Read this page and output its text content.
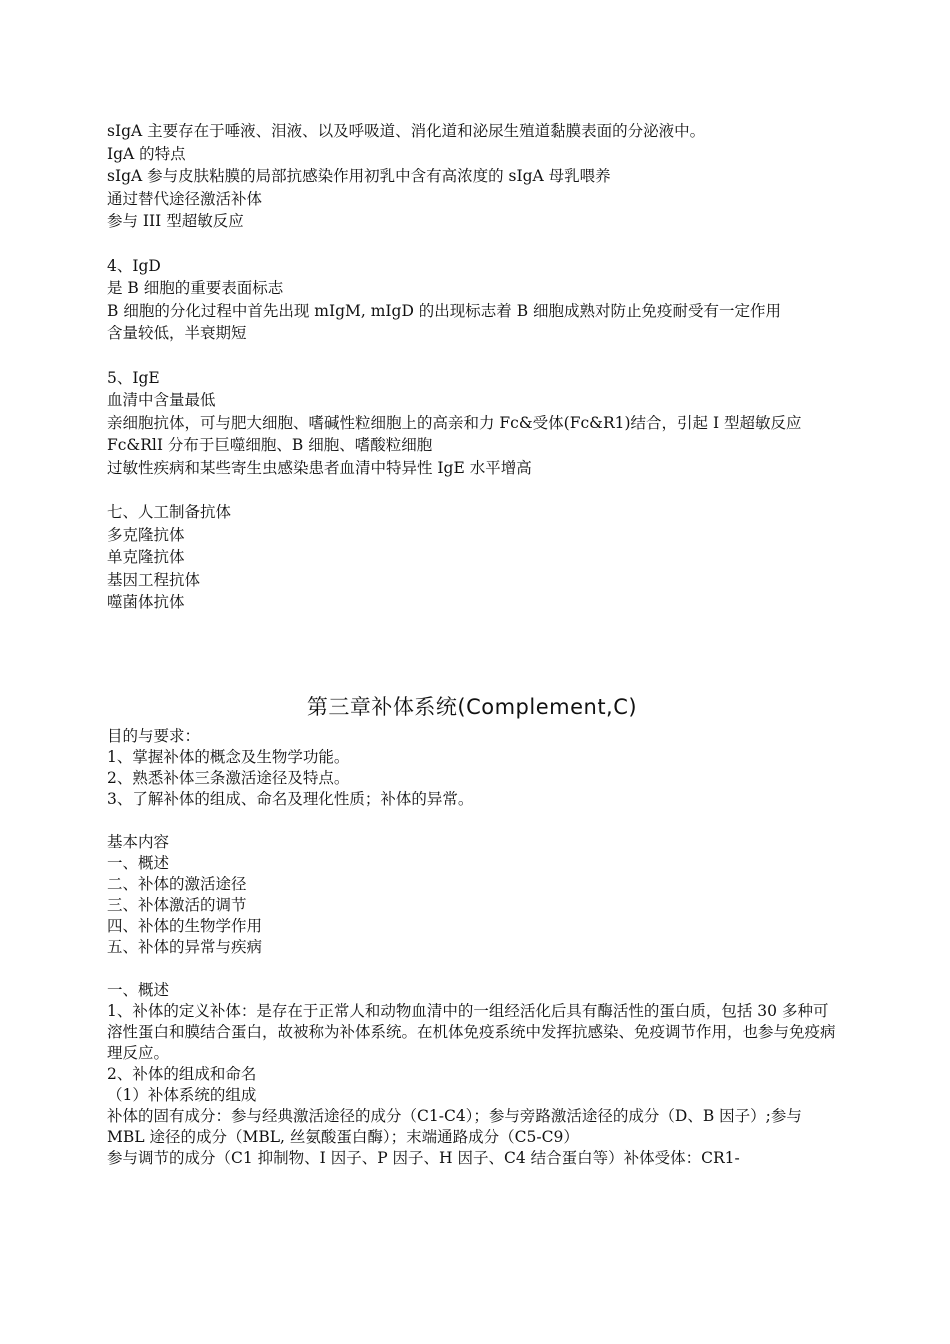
sIgA 主要存在于唾液、泪液、以及呼吸道、消化道和泌尿生殖道黏膜表面的分泌液中。
IgA 的特点
sIgA 参与皮肤粘膜的局部抗感染作用初乳中含有高浓度的 sIgA 母乳喂养
通过替代途径激活补体
参与 III 型超敏反应
4、IgD
是 B 细胞的重要表面标志
B 细胞的分化过程中首先出现 mIgM, mIgD 的出现标志着 B 细胞成熟对防止免疫耐受有一定作用
含量较低，半衰期短
5、IgE
血清中含量最低
亲细胞抗体，可与肥大细胞、嗜碱性粒细胞上的高亲和力 Fc&受体(Fc&R1)结合，引起 I 型超敏反应
Fc&RlI 分布于巨噬细胞、B 细胞、嗜酸粒细胞
过敏性疾病和某些寄生虫感染患者血清中特异性 IgE 水平增高
七、人工制备抗体
多克隆抗体
单克隆抗体
基因工程抗体
噬菌体抗体
第三章补体系统(Complement,C)
目的与要求：
1、掌握补体的概念及生物学功能。
2、熟悉补体三条激活途径及特点。
3、了解补体的组成、命名及理化性质；补体的异常。
基本内容
一、概述
二、补体的激活途径
三、补体激活的调节
四、补体的生物学作用
五、补体的异常与疾病
一、概述
1、补体的定义补体：是存在于正常人和动物血清中的一组经活化后具有酶活性的蛋白质，包括 30 多种可溶性蛋白和膜结合蛋白，故被称为补体系统。在机体免疫系统中发挥抗感染、免疫调节作用，也参与免疫病理反应。
2、补体的组成和命名
（1）补体系统的组成
补体的固有成分：参与经典激活途径的成分（C1-C4）；参与旁路激活途径的成分（D、B 因子）;参与 MBL 途径的成分（MBL, 丝氨酸蛋白酶）；末端通路成分（C5-C9）
参与调节的成分（C1 抑制物、I 因子、P 因子、H 因子、C4 结合蛋白等）补体受体：CR1-
